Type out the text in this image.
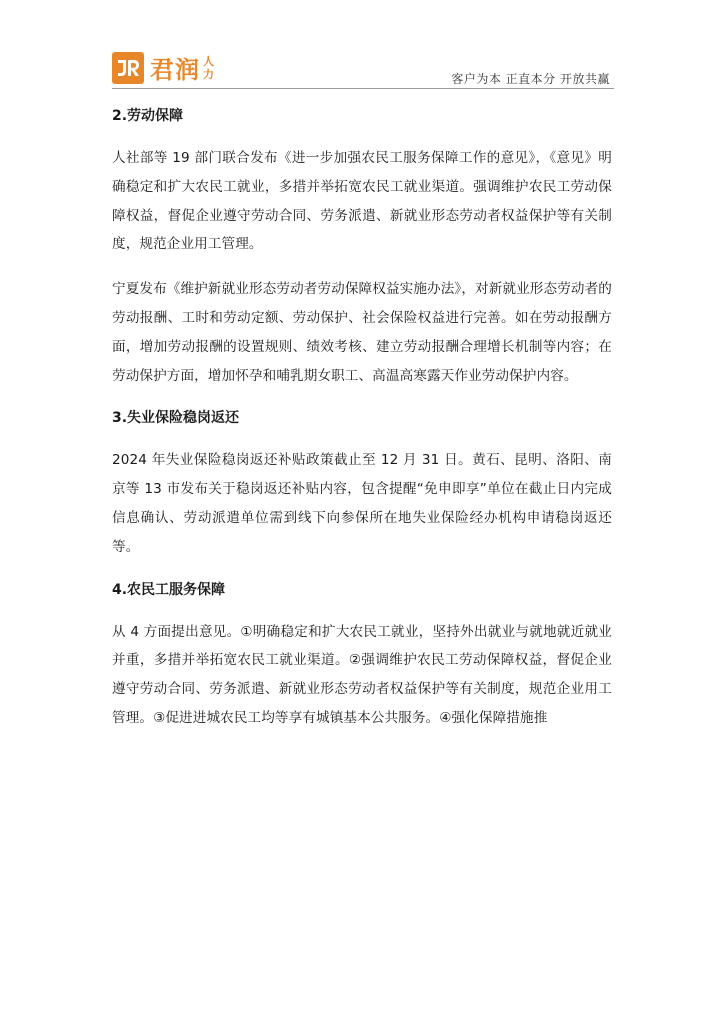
君润 人
力	客户为本 正直本分 开放共赢
2.劳动保障

人社部等 19 部门联合发布《进一步加强农民工服务保障工作的意见》，《意见》明确稳定和扩大农民工就业，多措并举拓宽农民工就业渠道。强调维护农民工劳动保障权益，督促企业遵守劳动合同、劳务派遣、新就业形态劳动者权益保护等有关制度，规范企业用工管理。

宁夏发布《维护新就业形态劳动者劳动保障权益实施办法》，对新就业形态劳动者的劳动报酬、工时和劳动定额、劳动保护、社会保险权益进行完善。如在劳动报酬方面，增加劳动报酬的设置规则、绩效考核、建立劳动报酬合理增长机制等内容；在劳动保护方面，增加怀孕和哺乳期女职工、高温高寒露天作业劳动保护内容。

3.失业保险稳岗返还

2024 年失业保险稳岗返还补贴政策截止至 12 月 31 日。黄石、昆明、洛阳、南京等 13 市发布关于稳岗返还补贴内容，包含提醒“免申即享”单位在截止日内完成信息确认、劳动派遣单位需到线下向参保所在地失业保险经办机构申请稳岗返还等。

4.农民工服务保障

从 4 方面提出意见。①明确稳定和扩大农民工就业，坚持外出就业与就地就近就业并重，多措并举拓宽农民工就业渠道。②强调维护农民工劳动保障权益，督促企业遵守劳动合同、劳务派遣、新就业形态劳动者权益保护等有关制度，规范企业用工管理。③促进进城农民工均等享有城镇基本公共服务。④强化保障措施推
